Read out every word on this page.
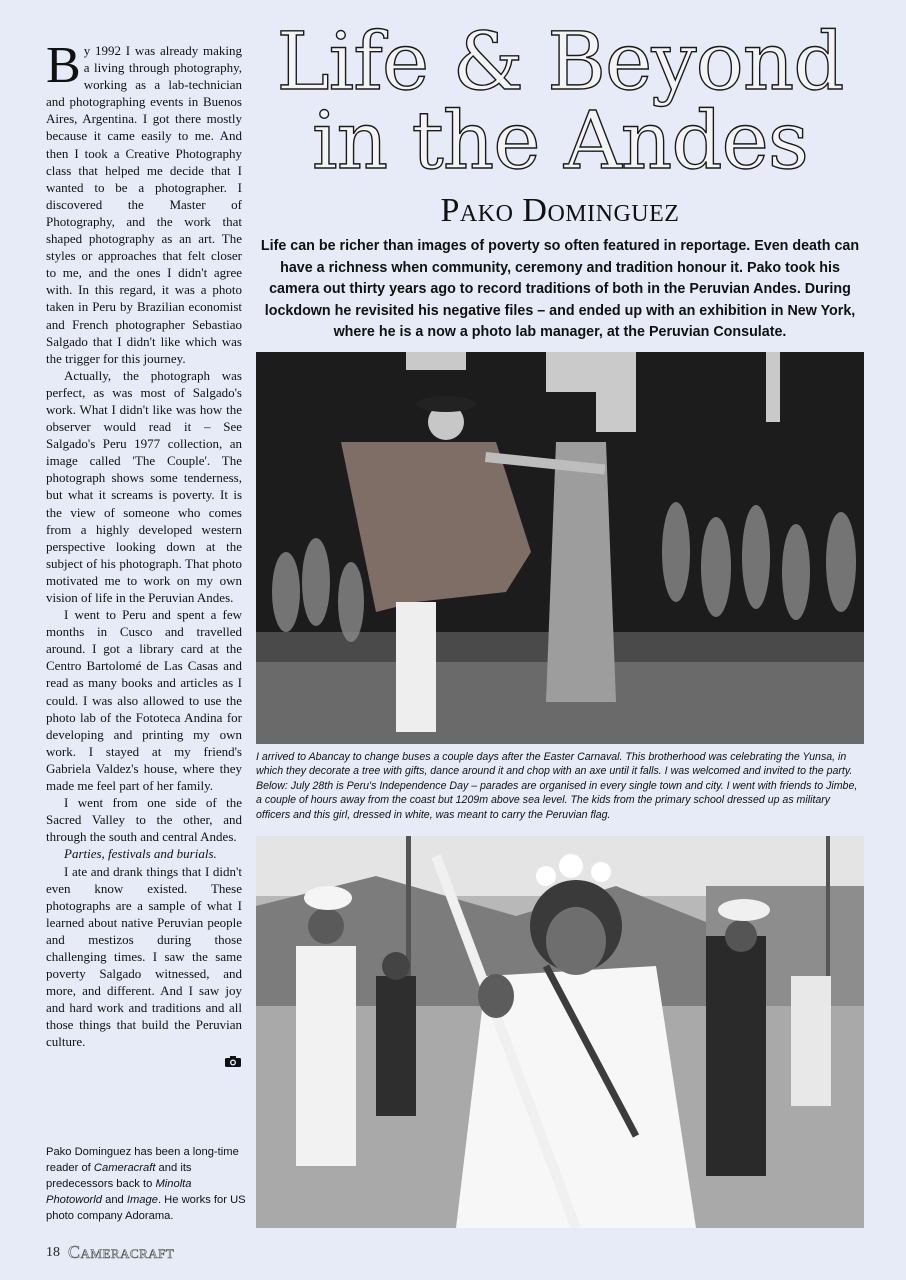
By 1992 I was already making a living through photography, working as a lab-technician and photographing events in Buenos Aires, Argentina. I got there mostly because it came easily to me. And then I took a Creative Photography class that helped me decide that I wanted to be a photographer. I discovered the Master of Photography, and the work that shaped photography as an art. The styles or approaches that felt closer to me, and the ones I didn't agree with. In this regard, it was a photo taken in Peru by Brazilian economist and French photographer Sebastiao Salgado that I didn't like which was the trigger for this journey.

Actually, the photograph was perfect, as was most of Salgado's work. What I didn't like was how the observer would read it – See Salgado's Peru 1977 collection, an image called 'The Couple'. The photograph shows some tenderness, but what it screams is poverty. It is the view of someone who comes from a highly developed western perspective looking down at the subject of his photograph. That photo motivated me to work on my own vision of life in the Peruvian Andes.

I went to Peru and spent a few months in Cusco and travelled around. I got a library card at the Centro Bartolomé de Las Casas and read as many books and articles as I could. I was also allowed to use the photo lab of the Fototeca Andina for developing and printing my own work. I stayed at my friend's Gabriela Valdez's house, where they made me feel part of her family.

I went from one side of the Sacred Valley to the other, and through the south and central Andes.

Parties, festivals and burials.

I ate and drank things that I didn't even know existed. These photographs are a sample of what I learned about native Peruvian people and mestizos during those challenging times. I saw the same poverty Salgado witnessed, and more, and different. And I saw joy and hard work and traditions and all those things that build the Peruvian culture.

Pako Dominguez has been a long-time reader of Cameracraft and its predecessors back to Minolta Photoworld and Image. He works for US photo company Adorama.
Life & Beyond
in the Andes
Pako Dominguez
Life can be richer than images of poverty so often featured in reportage. Even death can have a richness when community, ceremony and tradition honour it. Pako took his camera out thirty years ago to record traditions of both in the Peruvian Andes. During lockdown he revisited his negative files – and ended up with an exhibition in New York, where he is a now a photo lab manager, at the Peruvian Consulate.
I arrived to Abancay to change buses a couple days after the Easter Carnaval. This brotherhood was celebrating the Yunsa, in which they decorate a tree with gifts, dance around it and chop with an axe until it falls. I was welcomed and invited to the party. Below: July 28th is Peru's Independence Day – parades are organised in every single town and city. I went with friends to Jimbe, a couple of hours away from the coast but 1209m above sea level. The kids from the primary school dressed up as military officers and this girl, dressed in white, was meant to carry the Peruvian flag.
18 Cameracraft
